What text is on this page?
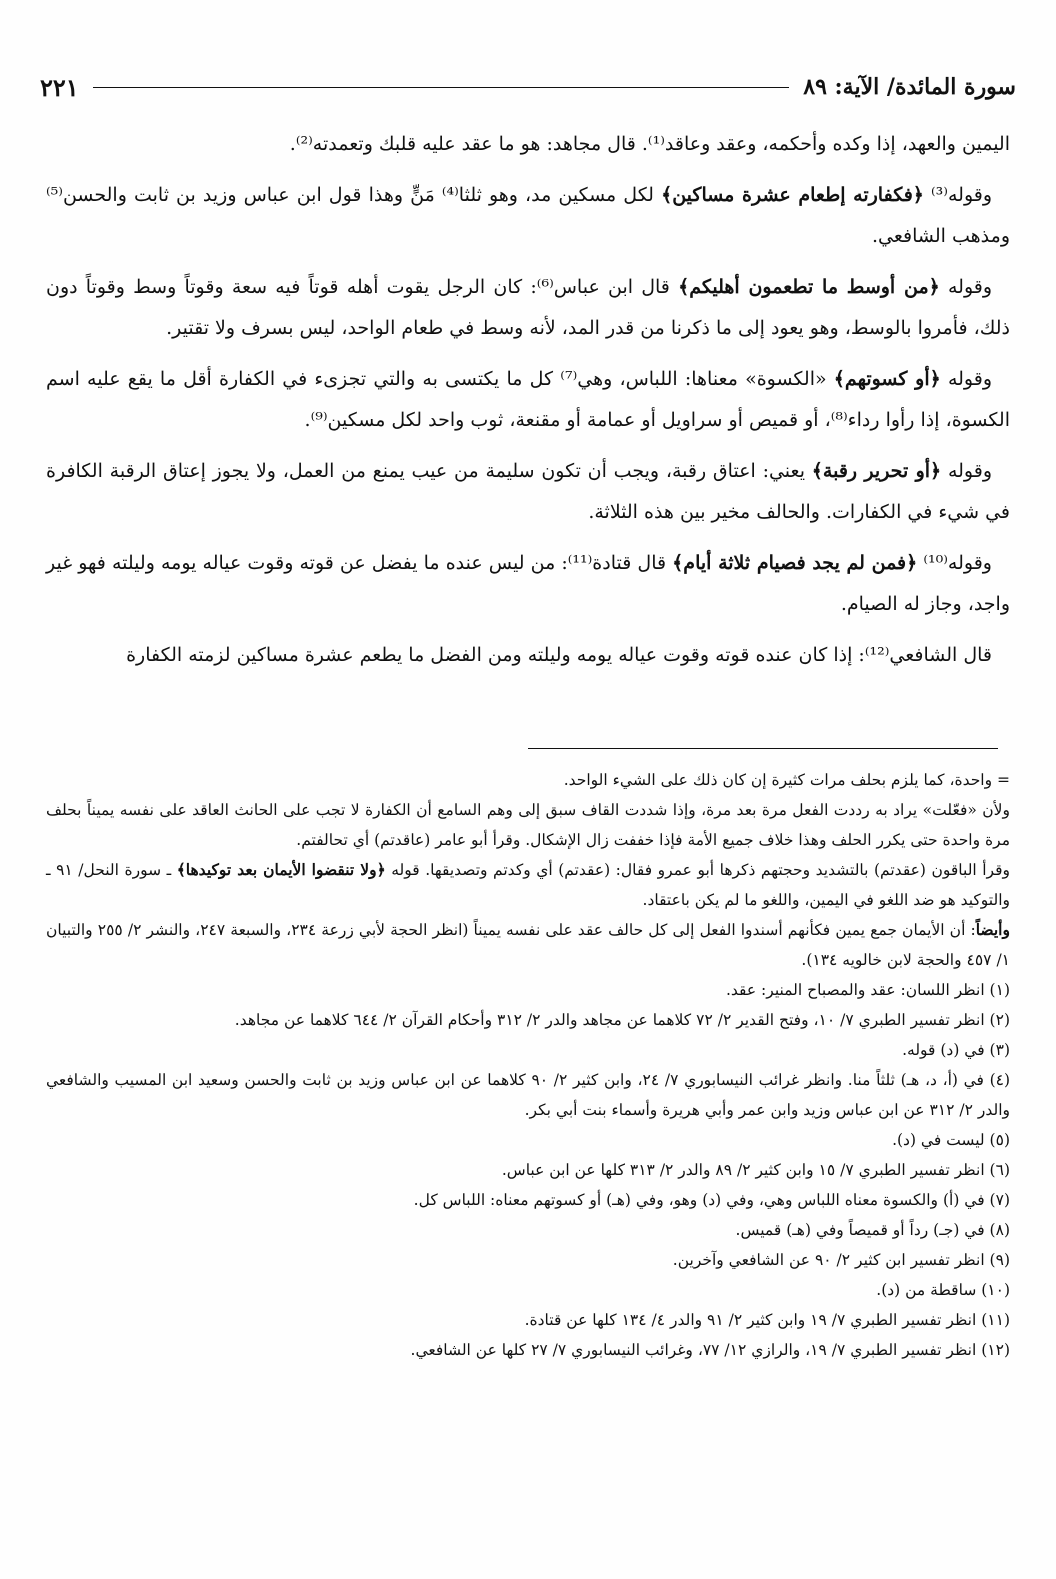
سورة المائدة/ الآية: ٨٩
٢٢١

اليمين والعهد، إذا وكده وأحكمه، وعقد وعاقد⁽¹⁾. قال مجاهد: هو ما عقد عليه قلبك وتعمدته⁽²⁾.

وقوله⁽³⁾ ﴿فكفارته إطعام عشرة مساكين﴾ لكل مسكين مد، وهو ثلثا⁽⁴⁾ مَنٍّ وهذا قول ابن عباس وزيد بن ثابت والحسن⁽⁵⁾ ومذهب الشافعي.

وقوله ﴿من أوسط ما تطعمون أهليكم﴾ قال ابن عباس⁽⁶⁾: كان الرجل يقوت أهله قوتاً فيه سعة وقوتاً وسط وقوتاً دون ذلك، فأمروا بالوسط، وهو يعود إلى ما ذكرنا من قدر المد، لأنه وسط في طعام الواحد، ليس بسرف ولا تقتير.

وقوله ﴿أو كسوتهم﴾ «الكسوة» معناها: اللباس، وهي⁽⁷⁾ كل ما يكتسى به والتي تجزىء في الكفارة أقل ما يقع عليه اسم الكسوة، إذا رأوا رداء⁽⁸⁾، أو قميص أو سراويل أو عمامة أو مقنعة، ثوب واحد لكل مسكين⁽⁹⁾.

وقوله ﴿أو تحرير رقبة﴾ يعني: اعتاق رقبة، ويجب أن تكون سليمة من عيب يمنع من العمل، ولا يجوز إعتاق الرقبة الكافرة في شيء في الكفارات. والحالف مخير بين هذه الثلاثة.

وقوله⁽¹⁰⁾ ﴿فمن لم يجد فصيام ثلاثة أيام﴾ قال قتادة⁽¹¹⁾: من ليس عنده ما يفضل عن قوته وقوت عياله يومه وليلته فهو غير واجد، وجاز له الصيام.

قال الشافعي⁽¹²⁾: إذا كان عنده قوته وقوت عياله يومه وليلته ومن الفضل ما يطعم عشرة مساكين لزمته الكفارة

= واحدة، كما يلزم بحلف مرات كثيرة إن كان ذلك على الشيء الواحد.

ولأن «فعّلت» يراد به رددت الفعل مرة بعد مرة، وإذا شددت القاف سبق إلى وهم السامع أن الكفارة لا تجب على الحانث العاقد على نفسه يميناً بحلف مرة واحدة حتى يكرر الحلف وهذا خلاف جميع الأمة فإذا خففت زال الإشكال. وقرأ أبو عامر (عاقدتم) أي تحالفتم.

وقرأ الباقون (عقدتم) بالتشديد وحجتهم ذكرها أبو عمرو فقال: (عقدتم) أي وكدتم وتصديقها. قوله ﴿ولا تنقضوا الأيمان بعد توكيدها﴾ ـ سورة النحل/ ٩١ ـ والتوكيد هو ضد اللغو في اليمين، واللغو ما لم يكن باعتقاد.

وأيضاً: أن الأيمان جمع يمين فكأنهم أسندوا الفعل إلى كل حالف عقد على نفسه يميناً (انظر الحجة لأبي زرعة ٢٣٤، والسبعة ٢٤٧، والنشر ٢/ ٢٥٥ والتبيان ١/ ٤٥٧ والحجة لابن خالويه ١٣٤).

(١) انظر اللسان: عقد والمصباح المنير: عقد.

(٢) انظر تفسير الطبري ٧/ ١٠، وفتح القدير ٢/ ٧٢ كلاهما عن مجاهد والدر ٢/ ٣١٢ وأحكام القرآن ٢/ ٦٤٤ كلاهما عن مجاهد.

(٣) في (د) قوله.

(٤) في (أ، د، هـ) ثلثاً منا. وانظر غرائب النيسابوري ٧/ ٢٤، وابن كثير ٢/ ٩٠ كلاهما عن ابن عباس وزيد بن ثابت والحسن وسعيد ابن المسيب والشافعي والدر ٢/ ٣١٢ عن ابن عباس وزيد وابن عمر وأبي هريرة وأسماء بنت أبي بكر.

(٥) ليست في (د).

(٦) انظر تفسير الطبري ٧/ ١٥ وابن كثير ٢/ ٨٩ والدر ٢/ ٣١٣ كلها عن ابن عباس.

(٧) في (أ) والكسوة معناه اللباس وهي، وفي (د) وهو، وفي (هـ) أو كسوتهم معناه: اللباس كل.

(٨) في (جـ) رداً أو قميصاً وفي (هـ) قميس.

(٩) انظر تفسير ابن كثير ٢/ ٩٠ عن الشافعي وآخرين.

(١٠) ساقطة من (د).

(١١) انظر تفسير الطبري ٧/ ١٩ وابن كثير ٢/ ٩١ والدر ٤/ ١٣٤ كلها عن قتادة.

(١٢) انظر تفسير الطبري ٧/ ١٩، والرازي ١٢/ ٧٧، وغرائب النيسابوري ٧/ ٢٧ كلها عن الشافعي.
